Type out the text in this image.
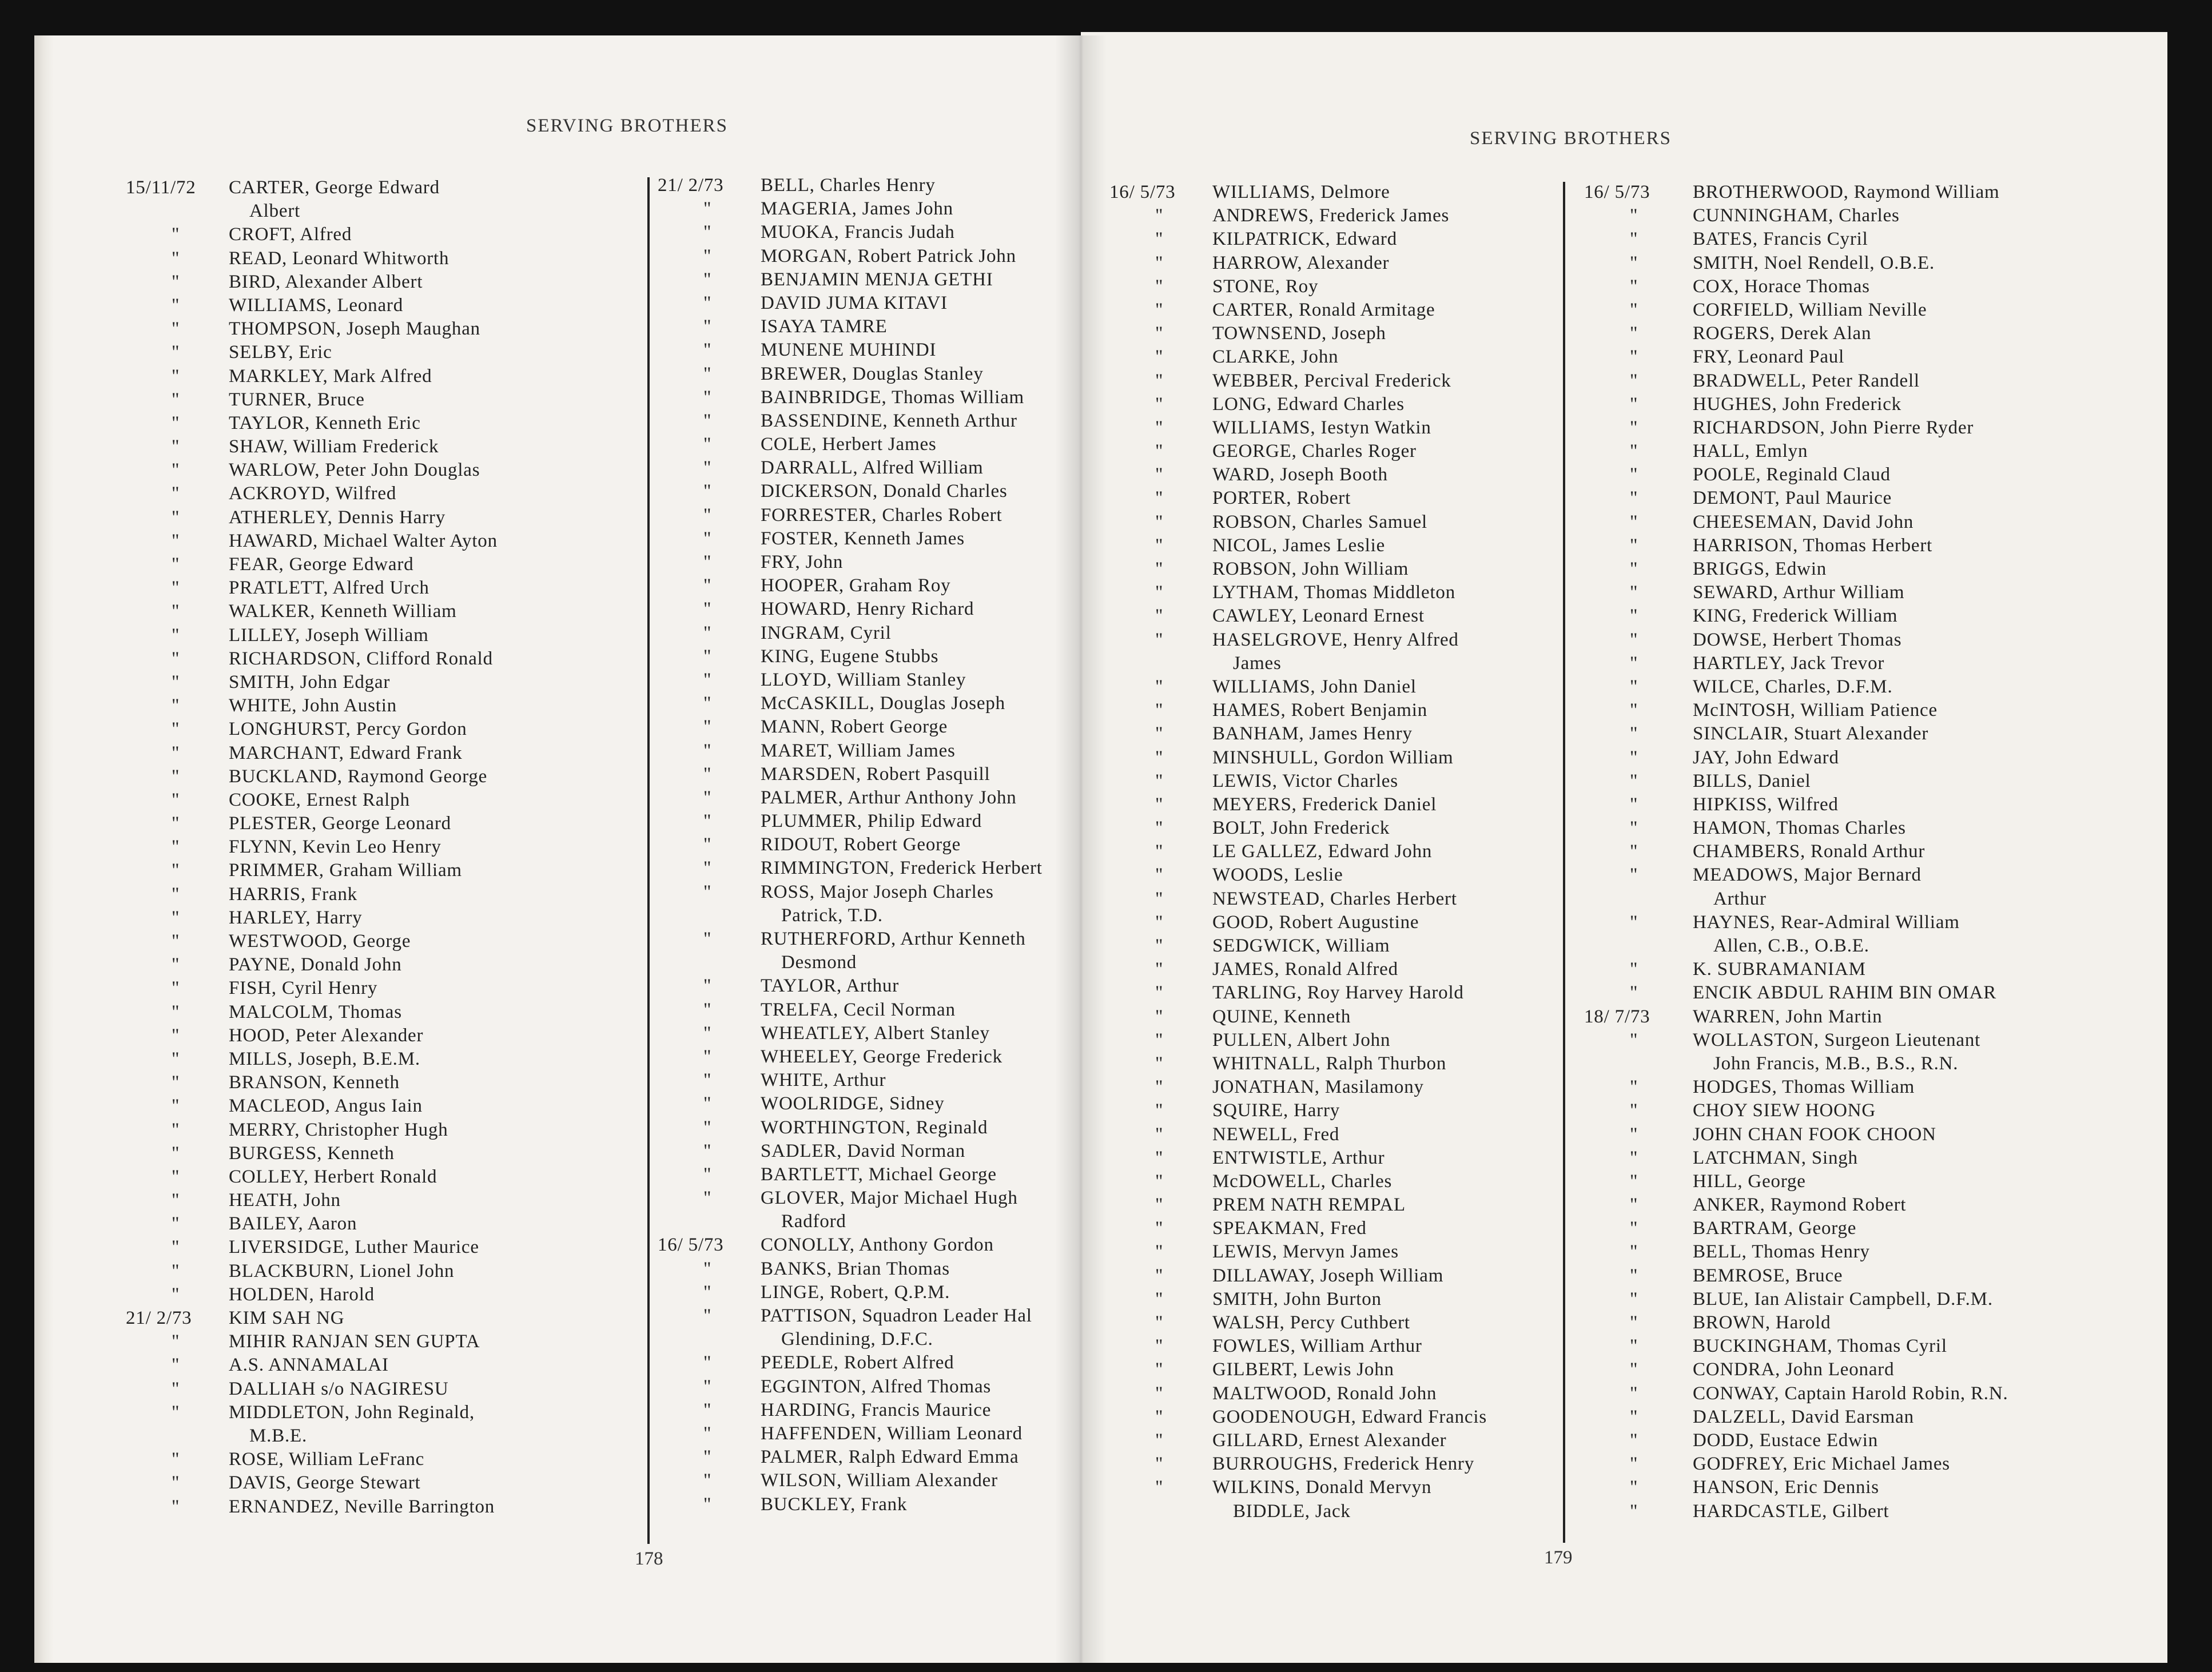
SERVING BROTHERS
15/11/72	CARTER, George Edward
Albert
"	CROFT, Alfred
"	READ, Leonard Whitworth
"	BIRD, Alexander Albert
"	WILLIAMS, Leonard
"	THOMPSON, Joseph Maughan
"	SELBY, Eric
"	MARKLEY, Mark Alfred
"	TURNER, Bruce
"	TAYLOR, Kenneth Eric
"	SHAW, William Frederick
"	WARLOW, Peter John Douglas
"	ACKROYD, Wilfred
"	ATHERLEY, Dennis Harry
"	HAWARD, Michael Walter Ayton
"	FEAR, George Edward
"	PRATLETT, Alfred Urch
"	WALKER, Kenneth William
"	LILLEY, Joseph William
"	RICHARDSON, Clifford Ronald
"	SMITH, John Edgar
"	WHITE, John Austin
"	LONGHURST, Percy Gordon
"	MARCHANT, Edward Frank
"	BUCKLAND, Raymond George
"	COOKE, Ernest Ralph
"	PLESTER, George Leonard
"	FLYNN, Kevin Leo Henry
"	PRIMMER, Graham William
"	HARRIS, Frank
"	HARLEY, Harry
"	WESTWOOD, George
"	PAYNE, Donald John
"	FISH, Cyril Henry
"	MALCOLM, Thomas
"	HOOD, Peter Alexander
"	MILLS, Joseph, B.E.M.
"	BRANSON, Kenneth
"	MACLEOD, Angus Iain
"	MERRY, Christopher Hugh
"	BURGESS, Kenneth
"	COLLEY, Herbert Ronald
"	HEATH, John
"	BAILEY, Aaron
"	LIVERSIDGE, Luther Maurice
"	BLACKBURN, Lionel John
"	HOLDEN, Harold
21/ 2/73	KIM SAH NG
"	MIHIR RANJAN SEN GUPTA
"	A.S. ANNAMALAI
"	DALLIAH s/o NAGIRESU
"	MIDDLETON, John Reginald,
M.B.E.
"	ROSE, William LeFranc
"	DAVIS, George Stewart
"	ERNANDEZ, Neville Barrington
21/ 2/73	BELL, Charles Henry
"	MAGERIA, James John
"	MUOKA, Francis Judah
"	MORGAN, Robert Patrick John
"	BENJAMIN MENJA GETHI
"	DAVID JUMA KITAVI
"	ISAYA TAMRE
"	MUNENE MUHINDI
"	BREWER, Douglas Stanley
"	BAINBRIDGE, Thomas William
"	BASSENDINE, Kenneth Arthur
"	COLE, Herbert James
"	DARRALL, Alfred William
"	DICKERSON, Donald Charles
"	FORRESTER, Charles Robert
"	FOSTER, Kenneth James
"	FRY, John
"	HOOPER, Graham Roy
"	HOWARD, Henry Richard
"	INGRAM, Cyril
"	KING, Eugene Stubbs
"	LLOYD, William Stanley
"	McCASKILL, Douglas Joseph
"	MANN, Robert George
"	MARET, William James
"	MARSDEN, Robert Pasquill
"	PALMER, Arthur Anthony John
"	PLUMMER, Philip Edward
"	RIDOUT, Robert George
"	RIMMINGTON, Frederick Herbert
"	ROSS, Major Joseph Charles
Patrick, T.D.
"	RUTHERFORD, Arthur Kenneth
Desmond
"	TAYLOR, Arthur
"	TRELFA, Cecil Norman
"	WHEATLEY, Albert Stanley
"	WHEELEY, George Frederick
"	WHITE, Arthur
"	WOOLRIDGE, Sidney
"	WORTHINGTON, Reginald
"	SADLER, David Norman
"	BARTLETT, Michael George
"	GLOVER, Major Michael Hugh
Radford
16/ 5/73	CONOLLY, Anthony Gordon
"	BANKS, Brian Thomas
"	LINGE, Robert, Q.P.M.
"	PATTISON, Squadron Leader Hal
Glendining, D.F.C.
"	PEEDLE, Robert Alfred
"	EGGINTON, Alfred Thomas
"	HARDING, Francis Maurice
"	HAFFENDEN, William Leonard
"	PALMER, Ralph Edward Emma
"	WILSON, William Alexander
"	BUCKLEY, Frank
178
SERVING BROTHERS
16/ 5/73	WILLIAMS, Delmore
"	ANDREWS, Frederick James
"	KILPATRICK, Edward
"	HARROW, Alexander
"	STONE, Roy
"	CARTER, Ronald Armitage
"	TOWNSEND, Joseph
"	CLARKE, John
"	WEBBER, Percival Frederick
"	LONG, Edward Charles
"	WILLIAMS, Iestyn Watkin
"	GEORGE, Charles Roger
"	WARD, Joseph Booth
"	PORTER, Robert
"	ROBSON, Charles Samuel
"	NICOL, James Leslie
"	ROBSON, John William
"	LYTHAM, Thomas Middleton
"	CAWLEY, Leonard Ernest
"	HASELGROVE, Henry Alfred
James
"	WILLIAMS, John Daniel
"	HAMES, Robert Benjamin
"	BANHAM, James Henry
"	MINSHULL, Gordon William
"	LEWIS, Victor Charles
"	MEYERS, Frederick Daniel
"	BOLT, John Frederick
"	LE GALLEZ, Edward John
"	WOODS, Leslie
"	NEWSTEAD, Charles Herbert
"	GOOD, Robert Augustine
"	SEDGWICK, William
"	JAMES, Ronald Alfred
"	TARLING, Roy Harvey Harold
"	QUINE, Kenneth
"	PULLEN, Albert John
"	WHITNALL, Ralph Thurbon
"	JONATHAN, Masilamony
"	SQUIRE, Harry
"	NEWELL, Fred
"	ENTWISTLE, Arthur
"	McDOWELL, Charles
"	PREM NATH REMPAL
"	SPEAKMAN, Fred
"	LEWIS, Mervyn James
"	DILLAWAY, Joseph William
"	SMITH, John Burton
"	WALSH, Percy Cuthbert
"	FOWLES, William Arthur
"	GILBERT, Lewis John
"	MALTWOOD, Ronald John
"	GOODENOUGH, Edward Francis
"	GILLARD, Ernest Alexander
"	BURROUGHS, Frederick Henry
"	WILKINS, Donald Mervyn
BIDDLE, Jack
16/ 5/73	BROTHERWOOD, Raymond William
"	CUNNINGHAM, Charles
"	BATES, Francis Cyril
"	SMITH, Noel Rendell, O.B.E.
"	COX, Horace Thomas
"	CORFIELD, William Neville
"	ROGERS, Derek Alan
"	FRY, Leonard Paul
"	BRADWELL, Peter Randell
"	HUGHES, John Frederick
"	RICHARDSON, John Pierre Ryder
"	HALL, Emlyn
"	POOLE, Reginald Claud
"	DEMONT, Paul Maurice
"	CHEESEMAN, David John
"	HARRISON, Thomas Herbert
"	BRIGGS, Edwin
"	SEWARD, Arthur William
"	KING, Frederick William
"	DOWSE, Herbert Thomas
"	HARTLEY, Jack Trevor
"	WILCE, Charles, D.F.M.
"	McINTOSH, William Patience
"	SINCLAIR, Stuart Alexander
"	JAY, John Edward
"	BILLS, Daniel
"	HIPKISS, Wilfred
"	HAMON, Thomas Charles
"	CHAMBERS, Ronald Arthur
"	MEADOWS, Major Bernard
Arthur
"	HAYNES, Rear-Admiral William
Allen, C.B., O.B.E.
"	K. SUBRAMANIAM
"	ENCIK ABDUL RAHIM BIN OMAR
18/ 7/73	WARREN, John Martin
"	WOLLASTON, Surgeon Lieutenant
John Francis, M.B., B.S., R.N.
"	HODGES, Thomas William
"	CHOY SIEW HOONG
"	JOHN CHAN FOOK CHOON
"	LATCHMAN, Singh
"	HILL, George
"	ANKER, Raymond Robert
"	BARTRAM, George
"	BELL, Thomas Henry
"	BEMROSE, Bruce
"	BLUE, Ian Alistair Campbell, D.F.M.
"	BROWN, Harold
"	BUCKINGHAM, Thomas Cyril
"	CONDRA, John Leonard
"	CONWAY, Captain Harold Robin, R.N.
"	DALZELL, David Earsman
"	DODD, Eustace Edwin
"	GODFREY, Eric Michael James
"	HANSON, Eric Dennis
"	HARDCASTLE, Gilbert
179
